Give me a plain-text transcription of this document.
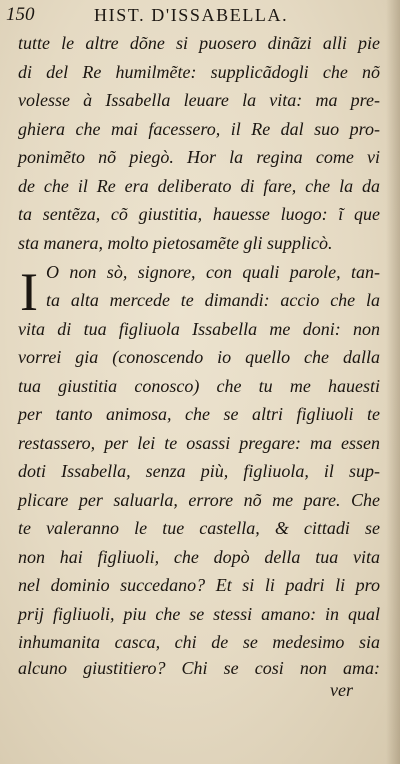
150	HIST. D'ISSABELLA.
tutte le altre dõne si puosero dinãzi alli pie
di del Re humilmẽte: supplicãdogli che nõ
volesse à Issabella leuare la vita: ma pre-
ghiera che mai facessero, il Re dal suo pro-
ponimẽto nõ piegò. Hor la regina come vi
de che il Re era deliberato di fare, che la da
ta sentẽza, cõ giustitia, hauesse luogo: ĩ que
sta manera, molto pietosamẽte gli supplicò.
I O non sò, signore, con quali parole, tan-
ta alta mercede te dimandi: accio che la
vita di tua figliuola Issabella me doni: non
vorrei gia (conoscendo io quello che dalla
tua giustitia conosco) che tu me hauesti
per tanto animosa, che se altri figliuoli te
restassero, per lei te osassi pregare: ma essen
doti Issabella, senza più, figliuola, il sup-
plicare per saluarla, errore nõ me pare. Che
te valeranno le tue castella, & cittadi se
non hai figliuoli, che dopò della tua vita
nel dominio succedano? Et si li padri li pro
prij figliuoli, piu che se stessi amano: in qual
inhumanita casca, chi de se medesimo sia
alcuno giustitiero? Chi se cosi non ama:
ver
